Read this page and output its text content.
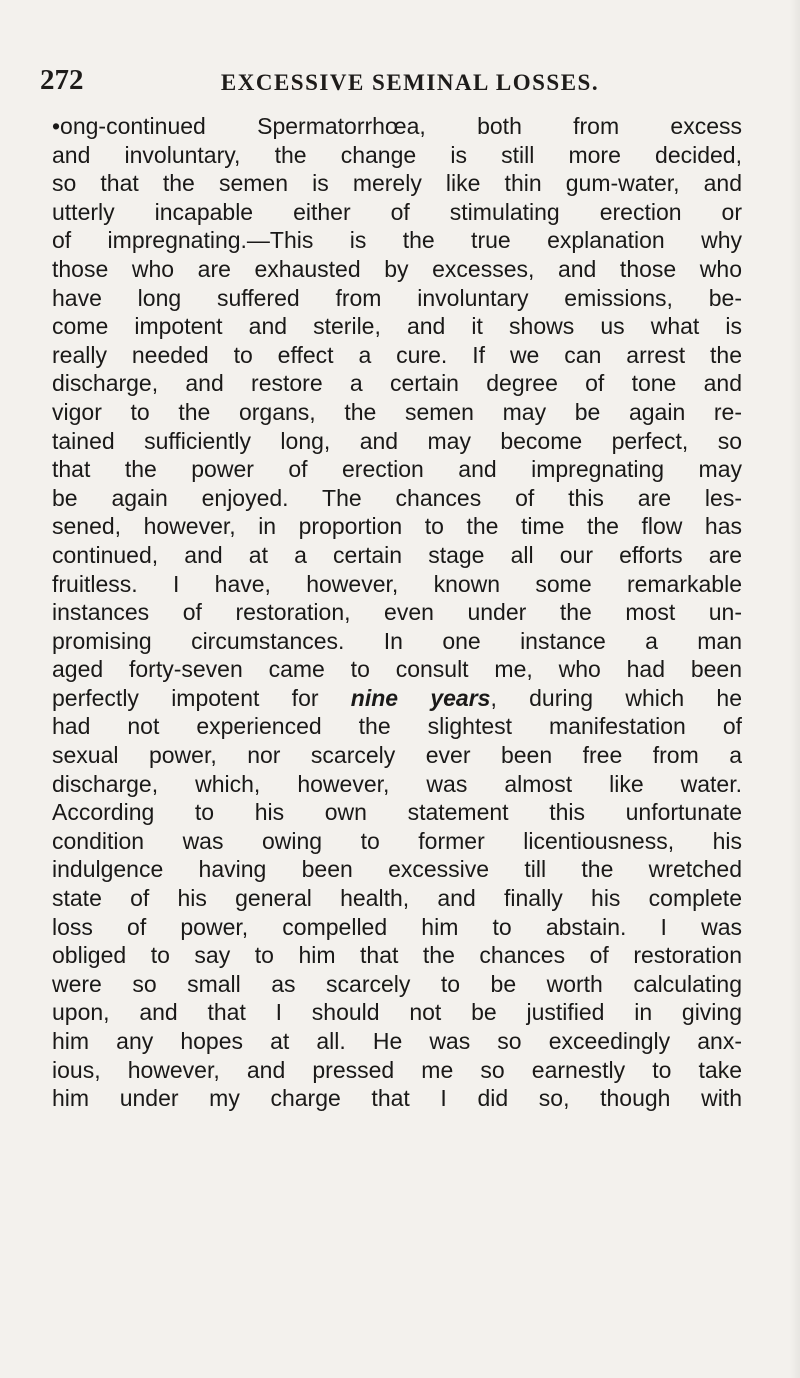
272	EXCESSIVE SEMINAL LOSSES.
•ong-continued Spermatorrhœa, both from excess
and involuntary, the change is still more decided,
so that the semen is merely like thin gum-water, and
utterly incapable either of stimulating erection or
of impregnating.—This is the true explanation why
those who are exhausted by excesses, and those who
have long suffered from involuntary emissions, be-
come impotent and sterile, and it shows us what is
really needed to effect a cure. If we can arrest the
discharge, and restore a certain degree of tone and
vigor to the organs, the semen may be again re-
tained sufficiently long, and may become perfect, so
that the power of erection and impregnating may
be again enjoyed. The chances of this are les-
sened, however, in proportion to the time the flow has
continued, and at a certain stage all our efforts are
fruitless. I have, however, known some remarkable
instances of restoration, even under the most un-
promising circumstances. In one instance a man
aged forty-seven came to consult me, who had been
perfectly impotent for nine years, during which he
had not experienced the slightest manifestation of
sexual power, nor scarcely ever been free from a
discharge, which, however, was almost like water.
According to his own statement this unfortunate
condition was owing to former licentiousness, his
indulgence having been excessive till the wretched
state of his general health, and finally his complete
loss of power, compelled him to abstain. I was
obliged to say to him that the chances of restoration
were so small as scarcely to be worth calculating
upon, and that I should not be justified in giving
him any hopes at all. He was so exceedingly anx-
ious, however, and pressed me so earnestly to take
him under my charge that I did so, though with
